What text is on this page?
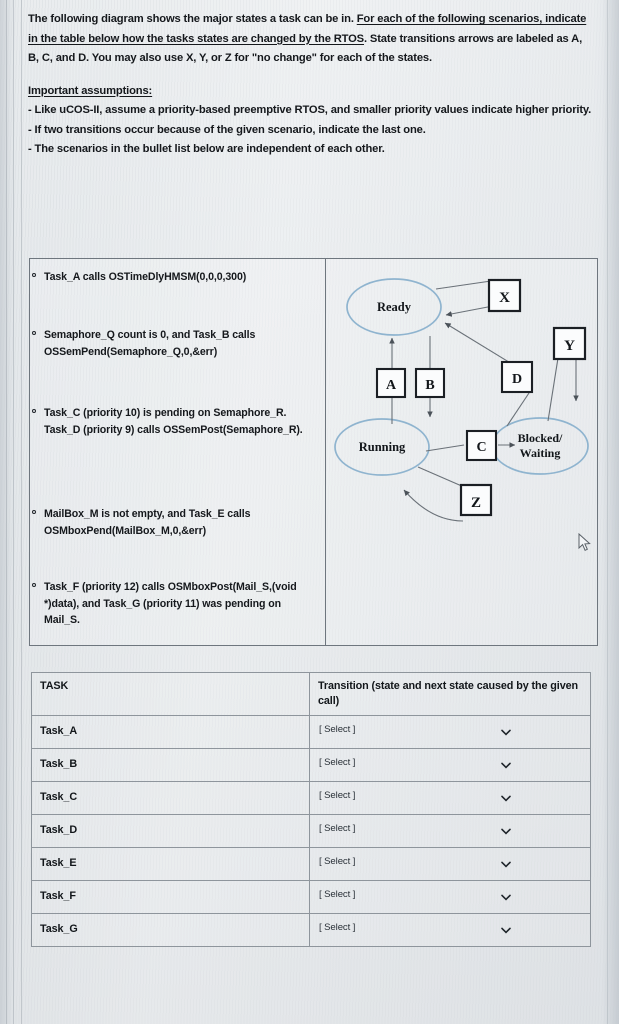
The following diagram shows the major states a task can be in. For each of the following scenarios, indicate in the table below how the tasks states are changed by the RTOS. State transitions arrows are labeled as A, B, C, and D. You may also use X, Y, or Z for "no change" for each of the states.

Important assumptions:

- Like uCOS-II, assume a priority-based preemptive RTOS, and smaller priority values indicate higher priority.

- If two transitions occur because of the given scenario, indicate the last one.

- The scenarios in the bullet list below are independent of each other.

Task_A calls OSTimeDlyHMSM(0,0,0,300)
Semaphore_Q count is 0, and Task_B calls OSSemPend(Semaphore_Q,0,&err)
Task_C (priority 10) is pending on Semaphore_R. Task_D (priority 9) calls OSSemPost(Semaphore_R).
MailBox_M is not empty, and Task_E calls OSMboxPend(MailBox_M,0,&err)
Task_F (priority 12) calls OSMboxPost(Mail_S,(void *)data), and Task_G (priority 11) was pending on Mail_S.
Ready
Running
Blocked/
Waiting
A B
C
D
X
Y
Z
TASK	Transition (state and next state caused by the given call)
Task_A	[ Select ]

Task_B	[ Select ]

Task_C	[ Select ]

Task_D	[ Select ]

Task_E	[ Select ]

Task_F	[ Select ]

Task_G	[ Select ]
